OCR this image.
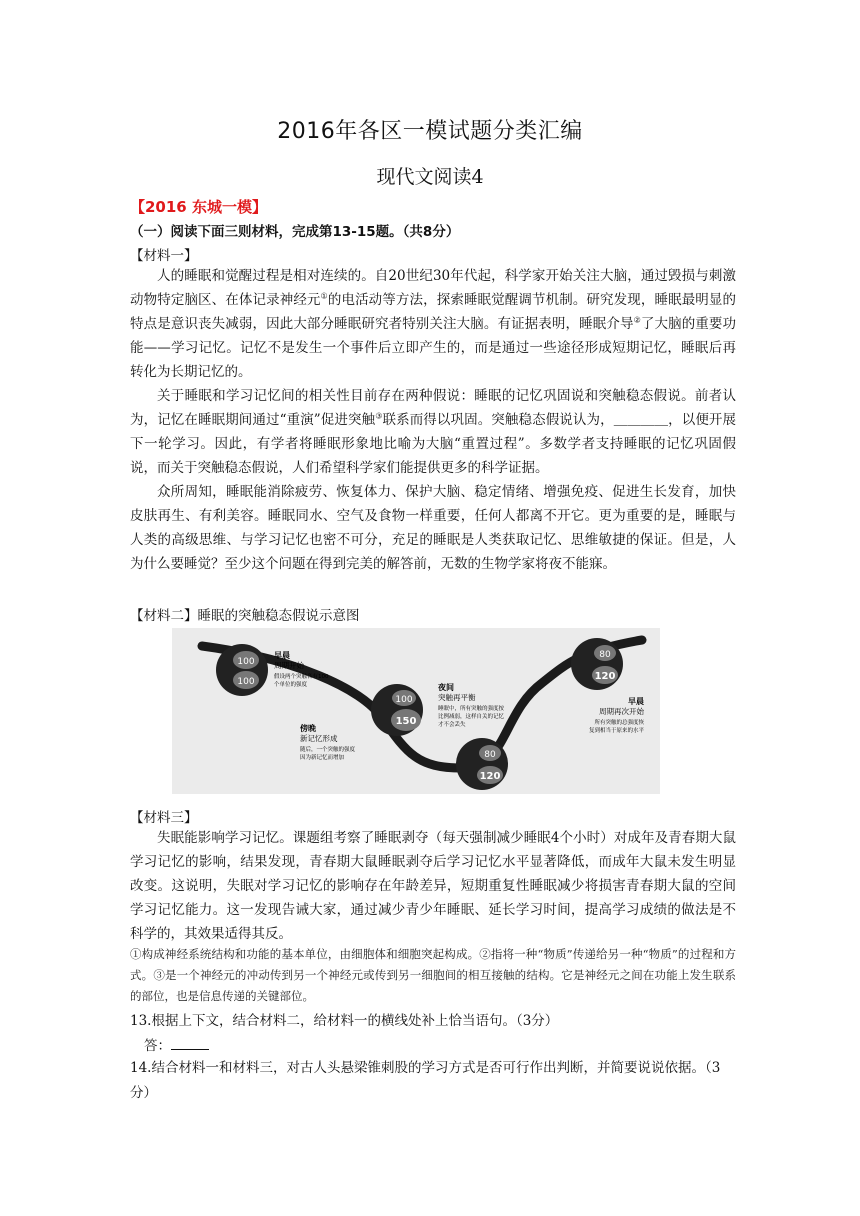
2016年各区一模试题分类汇编
现代文阅读4
【2016 东城一模】
（一）阅读下面三则材料，完成第13-15题。（共8分）
【材料一】

人的睡眠和觉醒过程是相对连续的。自20世纪30年代起，科学家开始关注大脑，通过毁损与刺激动物特定脑区、在体记录神经元①的电活动等方法，探索睡眠觉醒调节机制。研究发现，睡眠最明显的特点是意识丧失减弱，因此大部分睡眠研究者特别关注大脑。有证据表明，睡眠介导②了大脑的重要功能——学习记忆。记忆不是发生一个事件后立即产生的，而是通过一些途径形成短期记忆，睡眠后再转化为长期记忆的。

关于睡眠和学习记忆间的相关性目前存在两种假说：睡眠的记忆巩固说和突触稳态假说。前者认为，记忆在睡眠期间通过“重演”促进突触③联系而得以巩固。突触稳态假说认为，＿＿＿＿，以便开展下一轮学习。因此，有学者将睡眠形象地比喻为大脑“重置过程”。多数学者支持睡眠的记忆巩固假说，而关于突触稳态假说，人们希望科学家们能提供更多的科学证据。

众所周知，睡眠能消除疲劳、恢复体力、保护大脑、稳定情绪、增强免疫、促进生长发育，加快皮肤再生、有利美容。睡眠同水、空气及食物一样重要，任何人都离不开它。更为重要的是，睡眠与人类的高级思维、与学习记忆也密不可分，充足的睡眠是人类获取记忆、思维敏捷的保证。但是，人为什么要睡觉？至少这个问题在得到完美的解答前，无数的生物学家将夜不能寐。

【材料二】睡眠的突触稳态假说示意图
100
100
100
150
80
120
80
120
早晨
周期开始
假设两个突触各有100
个单位的强度
傍晚
新记忆形成
随后，一个突触的强度
因为新记忆而增加
夜间
突触再平衡
睡眠中，所有突触的强度按
比例减弱，这样自关的记忆
才不会丢失
早晨
周期再次开始
所有突触的总强度恢
复到相当于原来的水平
【材料三】

失眠能影响学习记忆。课题组考察了睡眠剥夺（每天强制减少睡眠4个小时）对成年及青春期大鼠学习记忆的影响，结果发现，青春期大鼠睡眠剥夺后学习记忆水平显著降低，而成年大鼠未发生明显改变。这说明，失眠对学习记忆的影响存在年龄差异，短期重复性睡眠减少将损害青春期大鼠的空间学习记忆能力。这一发现告诫大家，通过减少青少年睡眠、延长学习时间，提高学习成绩的做法是不科学的，其效果适得其反。

①构成神经系统结构和功能的基本单位，由细胞体和细胞突起构成。②指将一种“物质”传递给另一种“物质”的过程和方式。③是一个神经元的冲动传到另一个神经元或传到另一细胞间的相互接触的结构。它是神经元之间在功能上发生联系的部位，也是信息传递的关键部位。
13.根据上下文，结合材料二，给材料一的横线处补上恰当语句。（3分）
答：
14.结合材料一和材料三，对古人头悬梁锥刺股的学习方式是否可行作出判断，并简要说说依据。（3分）
